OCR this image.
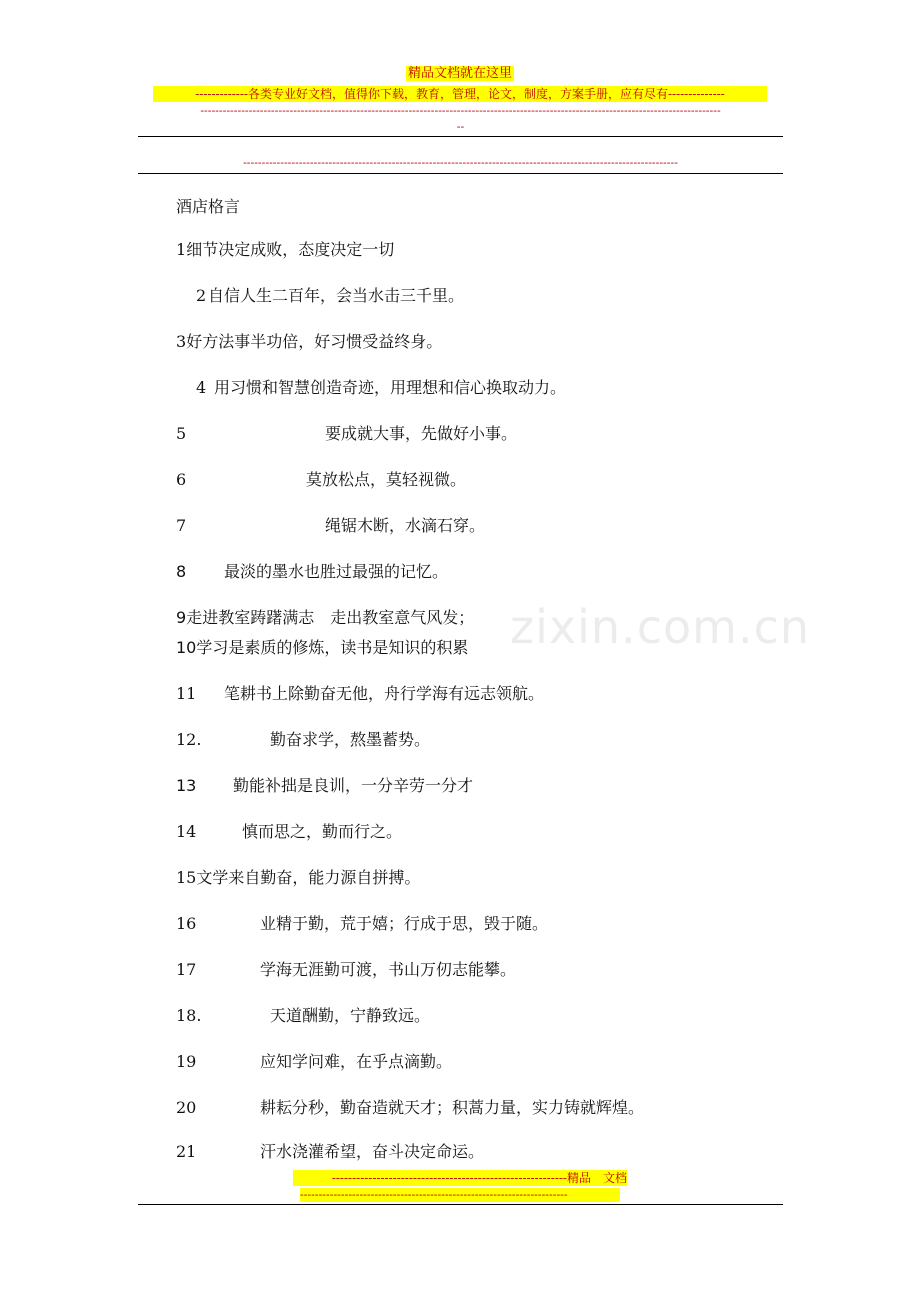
精品文档就在这里
-------------各类专业好文档，值得你下载，教育，管理，论文，制度，方案手册，应有尽有--------------
--------------------------------------------------------------------------------------------------------------------------------------------
--
---------------------------------------------------------------------------------------------------------------------
zixin.com.cn
酒店格言
1细节决定成败，态度决定一切
2 自信人生二百年，会当水击三千里。
3好方法事半功倍，好习惯受益终身。
4 用习惯和智慧创造奇迹，用理想和信心换取动力。
5	要成就大事，先做好小事。
6	莫放松点，莫轻视微。
7	绳锯木断，水滴石穿。
8 最淡的墨水也胜过最强的记忆。
9走进教室踌躇满志　走出教室意气风发；
10学习是素质的修炼，读书是知识的积累
11 笔耕书上除勤奋无他，舟行学海有远志领航。
12.	勤奋求学，熬墨蓄势。
13 勤能补拙是良训，一分辛劳一分才
14	慎而思之，勤而行之。
15文学来自勤奋，能力源自拼搏。
16	业精于勤，荒于嬉；行成于思，毁于随。
17	学海无涯勤可渡，书山万仞志能攀。
18.	天道酬勤，宁静致远。
19	应知学问难，在乎点滴勤。
20	耕耘分秒，勤奋造就天才；积蒿力量，实力铸就辉煌。
21	汗水浇灌希望，奋斗决定命运。
----------------------------------------------------------精品　文档
------------------------------------------------------------------------
